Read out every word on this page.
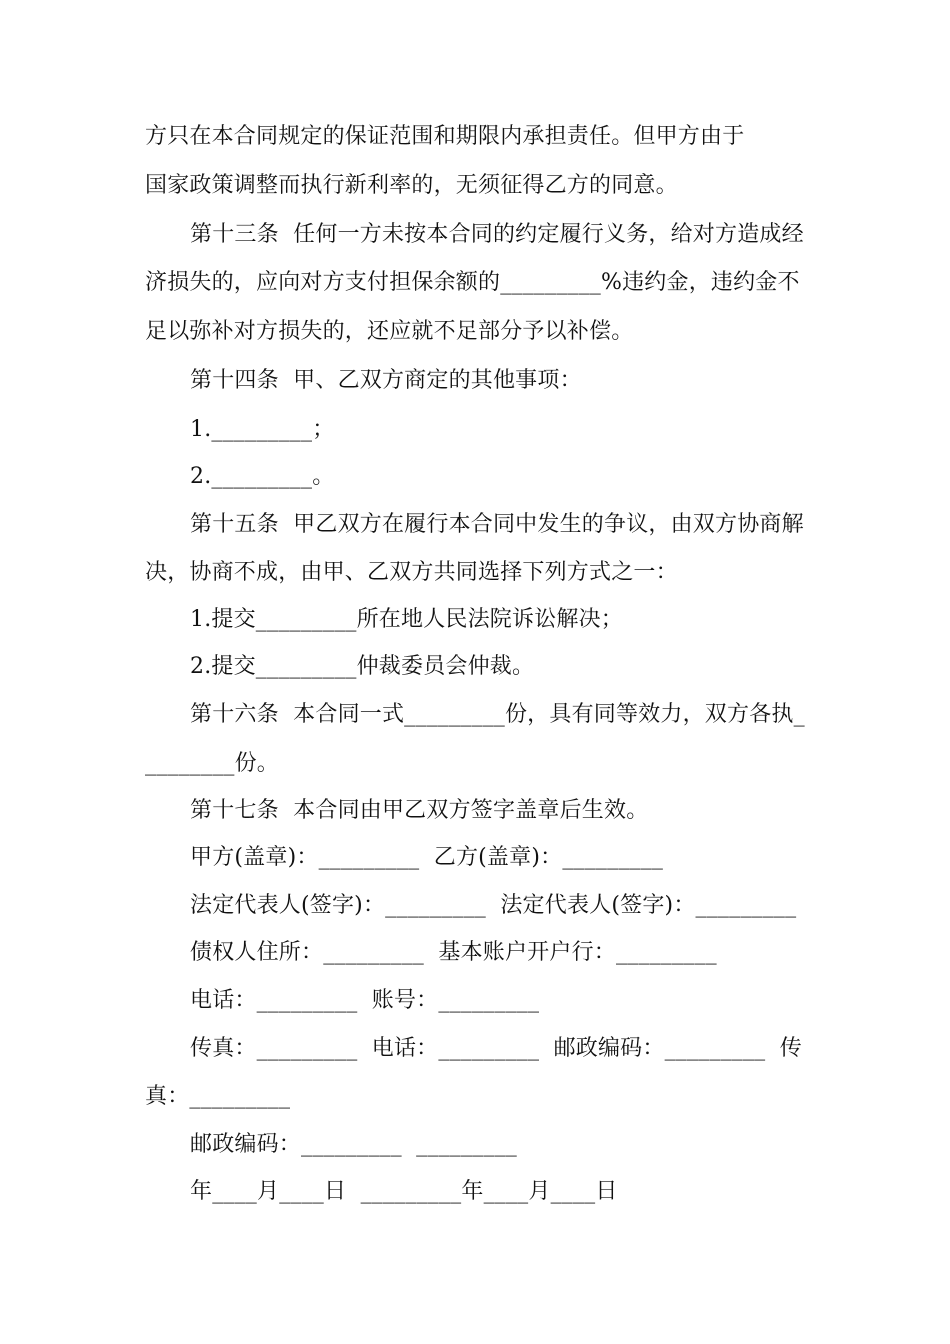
方只在本合同规定的保证范围和期限内承担责任。但甲方由于
国家政策调整而执行新利率的，无须征得乙方的同意。
第十三条  任何一方未按本合同的约定履行义务，给对方造成经
济损失的，应向对方支付担保余额的_________%违约金，违约金不
足以弥补对方损失的，还应就不足部分予以补偿。
第十四条  甲、乙双方商定的其他事项：
1._________；
2._________。
第十五条  甲乙双方在履行本合同中发生的争议，由双方协商解
决，协商不成，由甲、乙双方共同选择下列方式之一：
1.提交_________所在地人民法院诉讼解决；
2.提交_________仲裁委员会仲裁。
第十六条  本合同一式_________份，具有同等效力，双方各执_
________份。
第十七条  本合同由甲乙双方签字盖章后生效。
甲方(盖章)：_________  乙方(盖章)：_________
法定代表人(签字)：_________  法定代表人(签字)：_________
债权人住所：_________  基本账户开户行：_________
电话：_________  账号：_________
传真：_________  电话：_________  邮政编码：_________  传
真：_________
邮政编码：_________  _________
年____月____日  _________年____月____日
